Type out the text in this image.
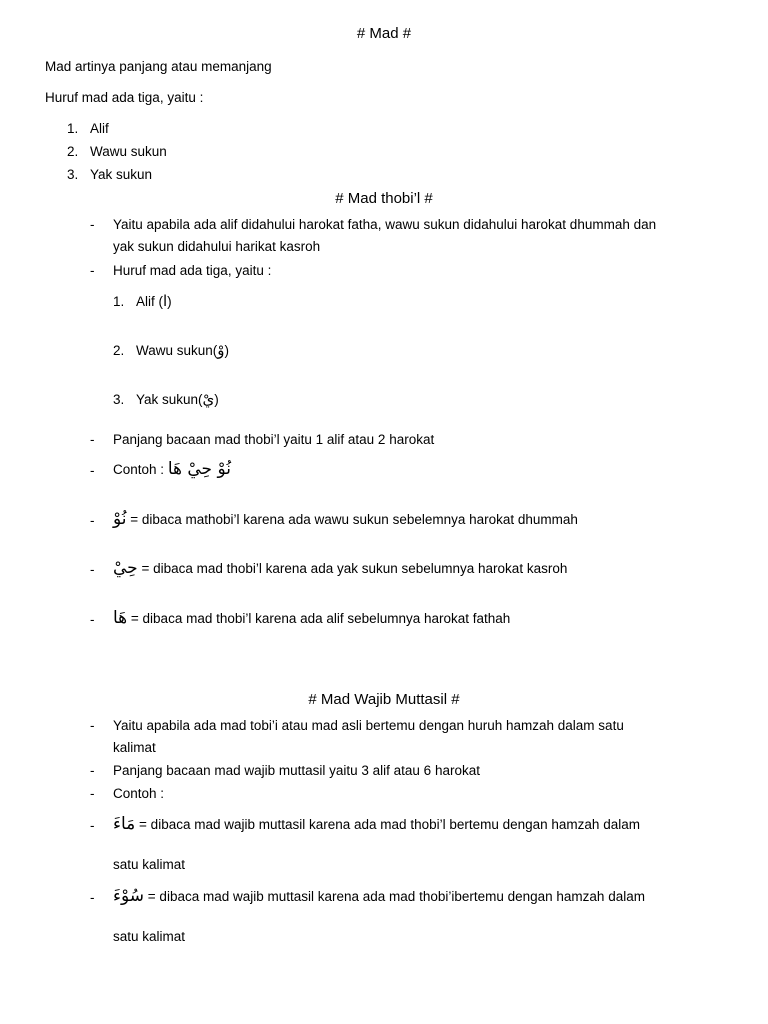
# Mad #
Mad artinya panjang atau memanjang
Huruf mad ada tiga, yaitu :
1. Alif
2. Wawu sukun
3. Yak sukun
# Mad thobi’l #
- Yaitu apabila ada alif didahului harokat fatha, wawu sukun didahului harokat dhummah dan
yak sukun didahului harikat kasroh
- Huruf mad ada tiga, yaitu :
1. Alif (ا)
2. Wawu sukun(وْ)
3. Yak sukun(يْ)
- Panjang bacaan mad thobi’l yaitu 1 alif atau 2 harokat
- Contoh : نُوْ حِيْ هَا
- نُوْ = dibaca mathobi’l karena ada wawu sukun sebelemnya harokat dhummah
- حِيْ = dibaca mad thobi’l karena ada yak sukun sebelumnya harokat kasroh
- هَا = dibaca mad thobi’l karena ada alif sebelumnya harokat fathah
# Mad Wajib Muttasil #
- Yaitu apabila ada mad tobi’i atau mad asli bertemu dengan huruh hamzah dalam satu
kalimat
- Panjang bacaan mad wajib muttasil yaitu 3 alif atau 6 harokat
- Contoh :
- مَاءَ = dibaca mad wajib muttasil karena ada mad thobi’l bertemu dengan hamzah dalam
satu kalimat
- سُوْءَ = dibaca mad wajib muttasil karena ada mad thobi’ibertemu dengan hamzah dalam
satu kalimat
